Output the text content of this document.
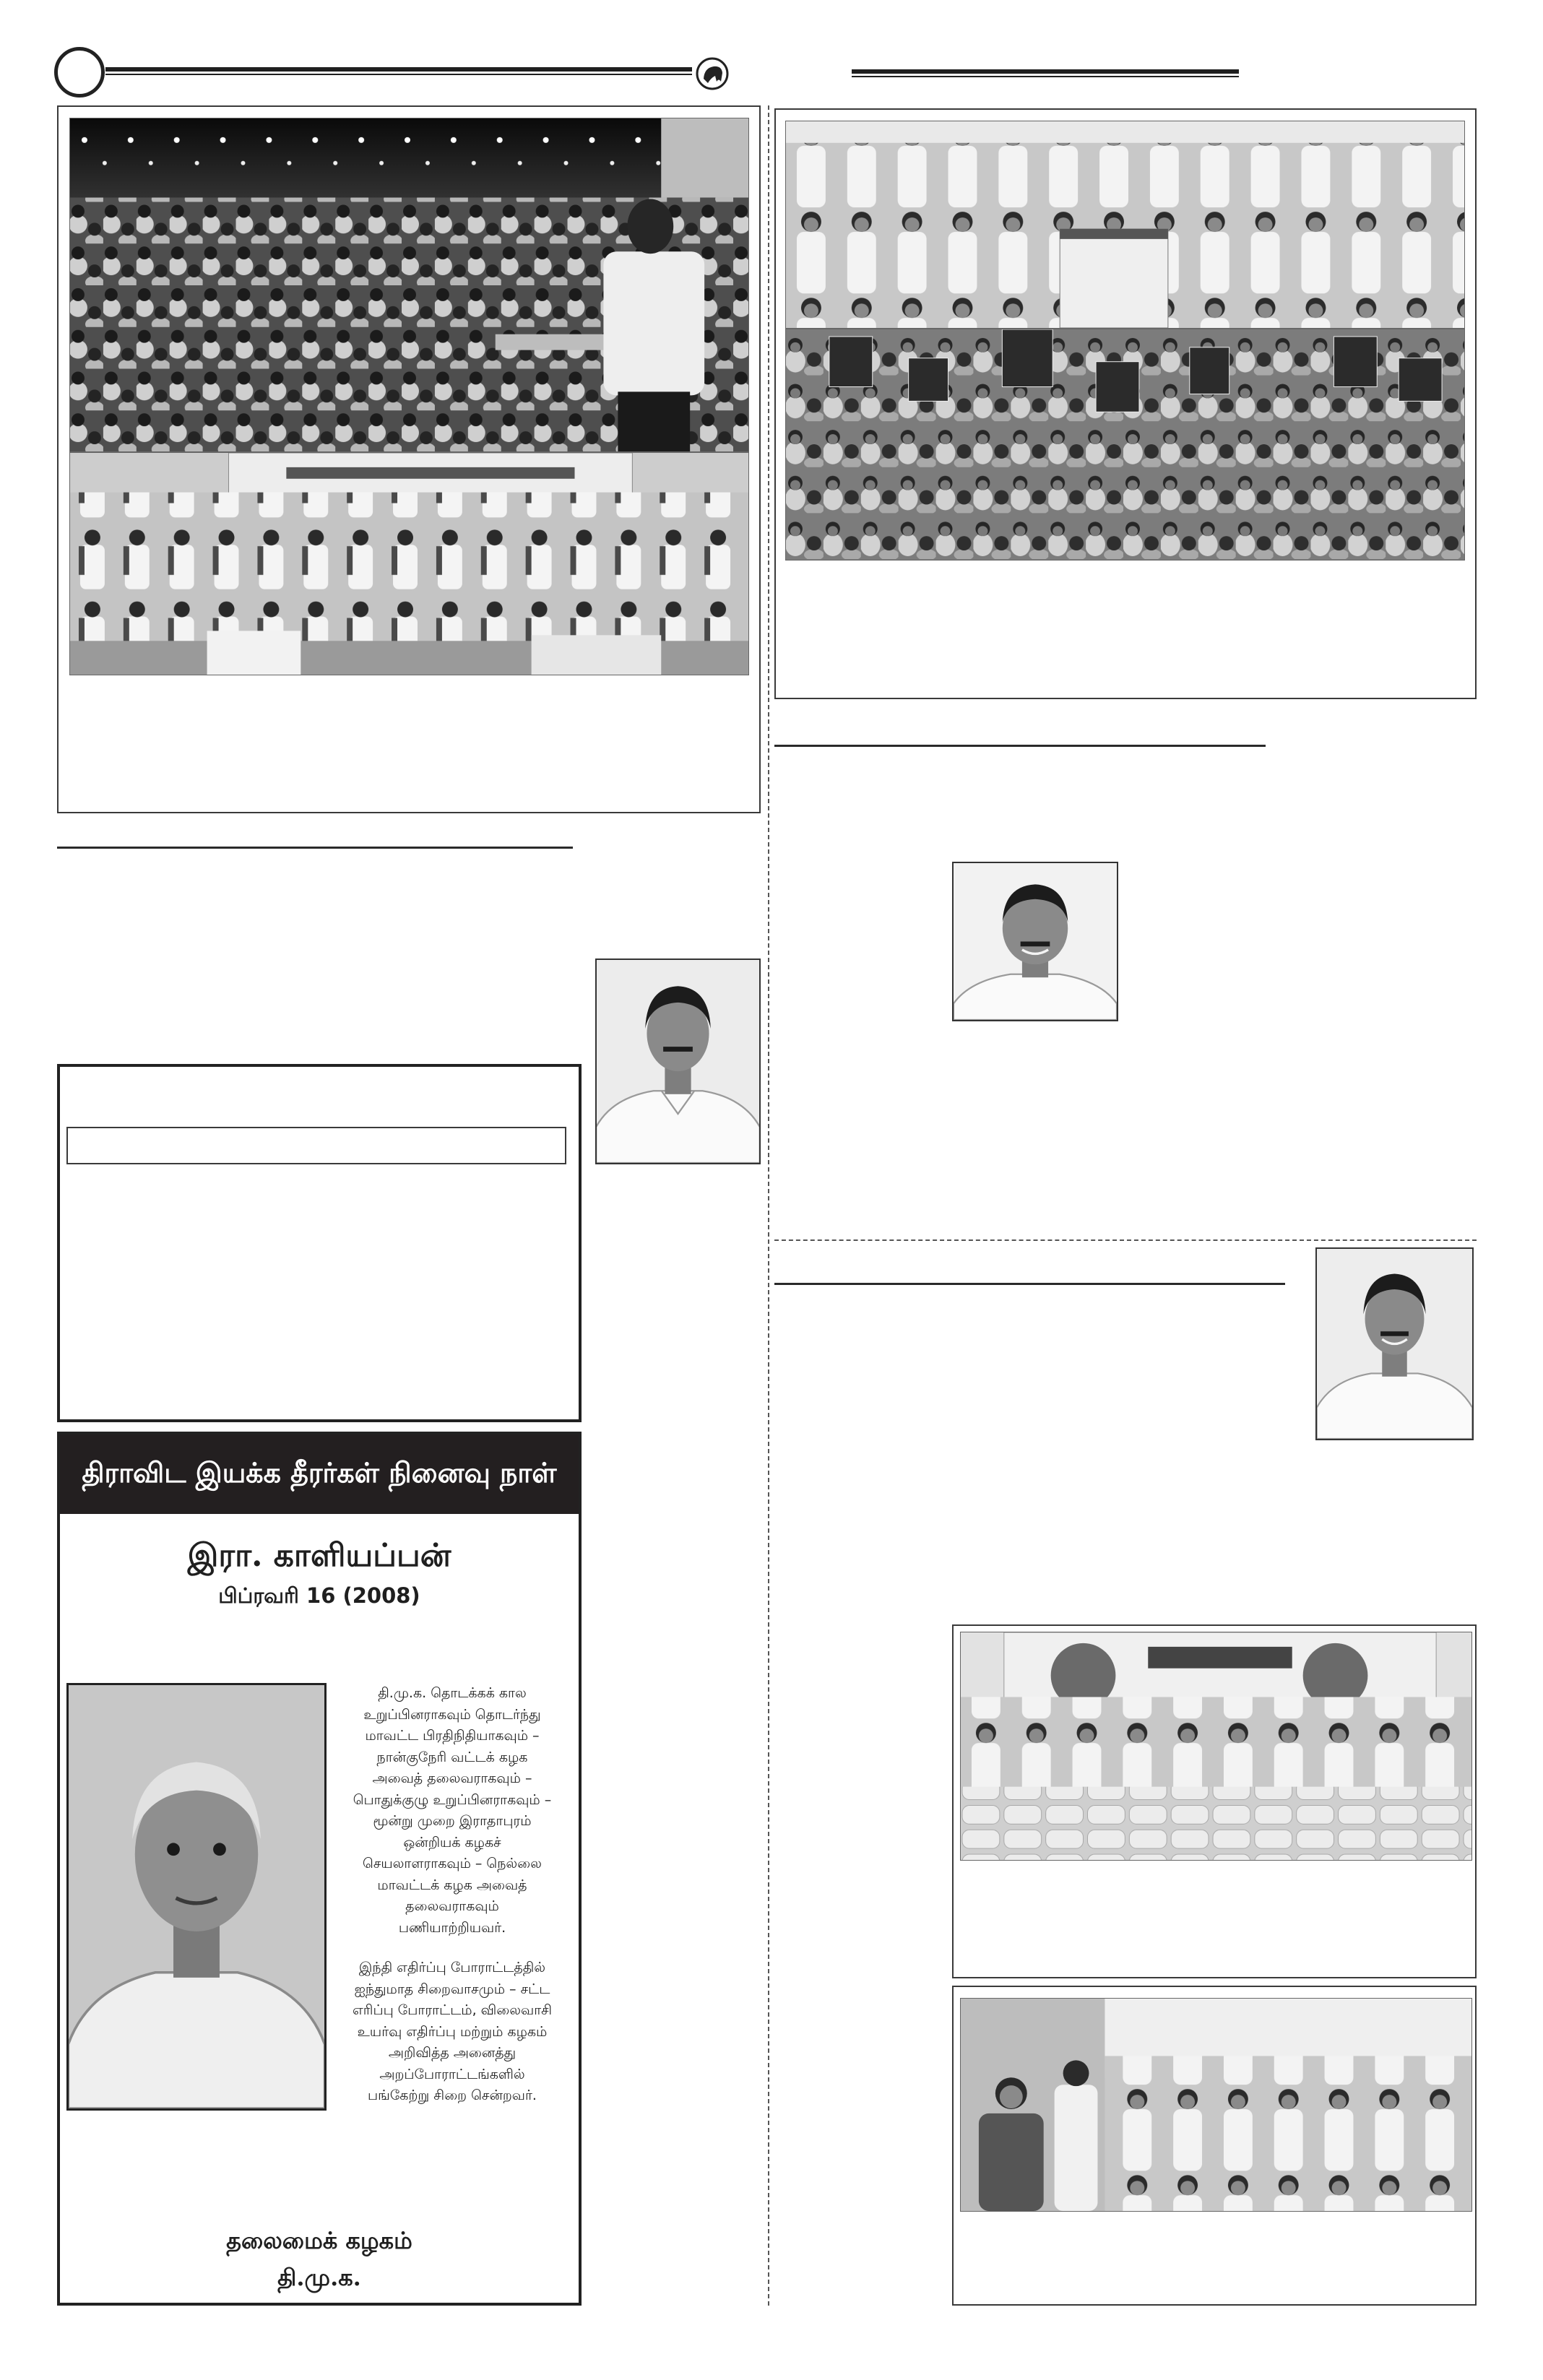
திராவிட இயக்க தீரர்கள் நினைவு நாள்
இரா. காளியப்பன்
பிப்ரவரி 16 (2008)
தி.மு.க. தொடக்கக் கால
உறுப்பினராகவும் தொடர்ந்து
மாவட்ட பிரதிநிதியாகவும் –
நான்குநேரி வட்டக் கழக
அவைத் தலைவராகவும் –
பொதுக்குழு உறுப்பினராகவும் –
மூன்று முறை இராதாபுரம்
ஒன்றியக் கழகச்
செயலாளராகவும் – நெல்லை
மாவட்டக் கழக அவைத்
தலைவராகவும்
பணியாற்றியவர்.
இந்தி எதிர்ப்பு போராட்டத்தில்
ஐந்துமாத சிறைவாசமும் – சட்ட
எரிப்பு போராட்டம், விலைவாசி
உயர்வு எதிர்ப்பு மற்றும் கழகம்
அறிவித்த அனைத்து
அறப்போராட்டங்களில்
பங்கேற்று சிறை சென்றவர்.
தலைமைக் கழகம்
தி.மு.க.
